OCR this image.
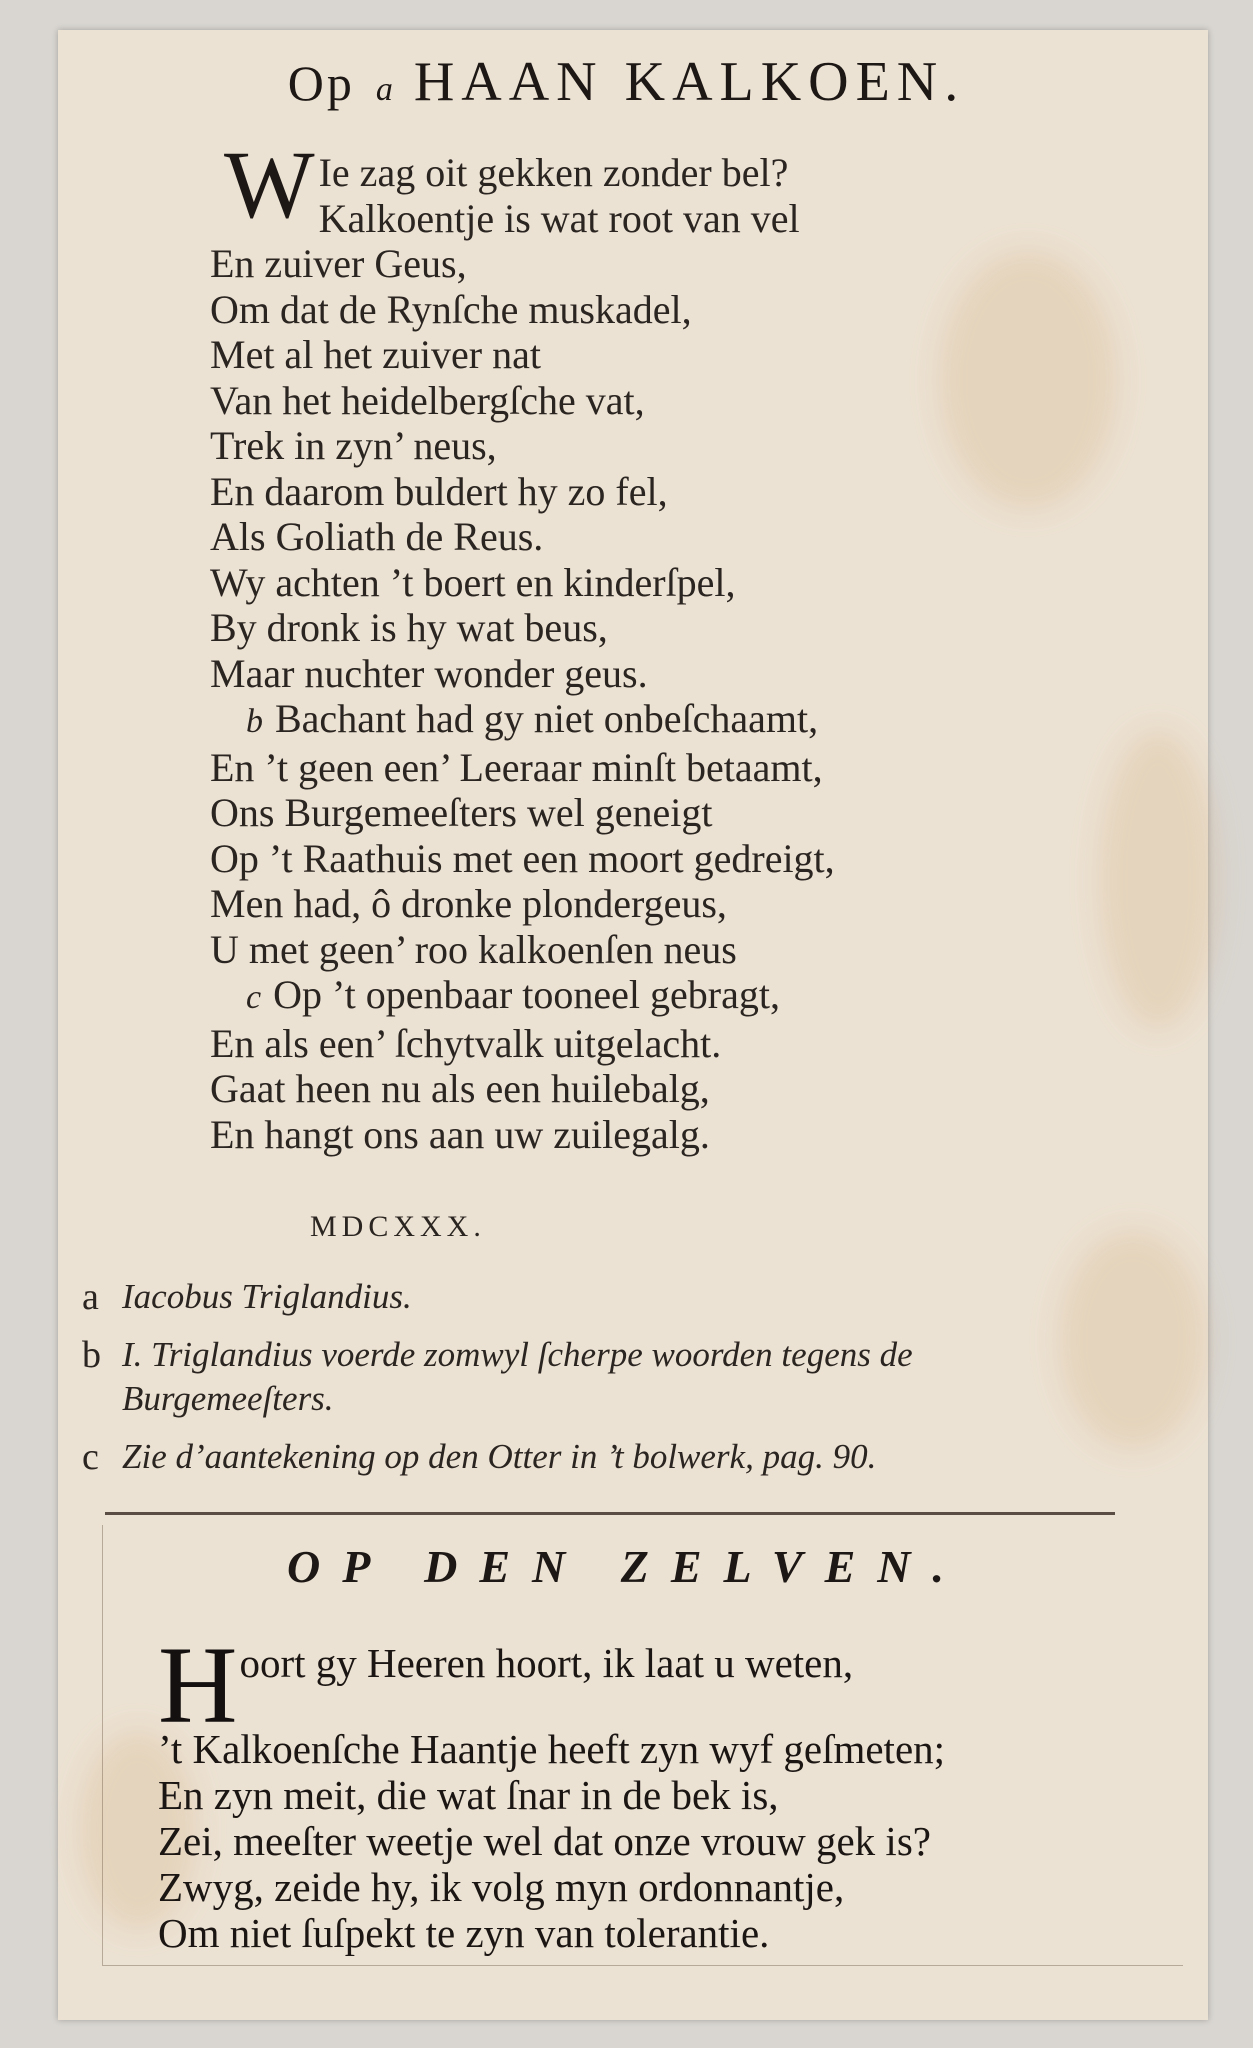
Op a HAAN KALKOEN.
W Ie zag oit gekken zonder bel?
Kalkoentje is wat root van vel
En zuiver Geus,
Om dat de Rynſche muskadel,
Met al het zuiver nat
Van het heidelbergſche vat,
Trek in zyn’ neus,
En daarom buldert hy zo fel,
Als Goliath de Reus.
Wy achten ’t boert en kinderſpel,
By dronk is hy wat beus,
Maar nuchter wonder geus.
b Bachant had gy niet onbeſchaamt,
En ’t geen een’ Leeraar minſt betaamt,
Ons Burgemeeſters wel geneigt
Op ’t Raathuis met een moort gedreigt,
Men had, ô dronke plondergeus,
U met geen’ roo kalkoenſen neus
c Op ’t openbaar tooneel gebragt,
En als een’ ſchytvalk uitgelacht.
Gaat heen nu als een huilebalg,
En hangt ons aan uw zuilegalg.
MDCXXX.
a Iacobus Triglandius.
b I. Triglandius voerde zomwyl ſcherpe woorden tegens de Burgemeeſters.
c Zie d’aantekening op den Otter in ’t bolwerk, pag. 90.
OP DEN ZELVEN.
Hoort gy Heeren hoort, ik laat u weten,
’t Kalkoenſche Haantje heeft zyn wyf geſmeten;
En zyn meit, die wat ſnar in de bek is,
Zei, meeſter weetje wel dat onze vrouw gek is?
Zwyg, zeide hy, ik volg myn ordonnantje,
Om niet ſuſpekt te zyn van tolerantie.
